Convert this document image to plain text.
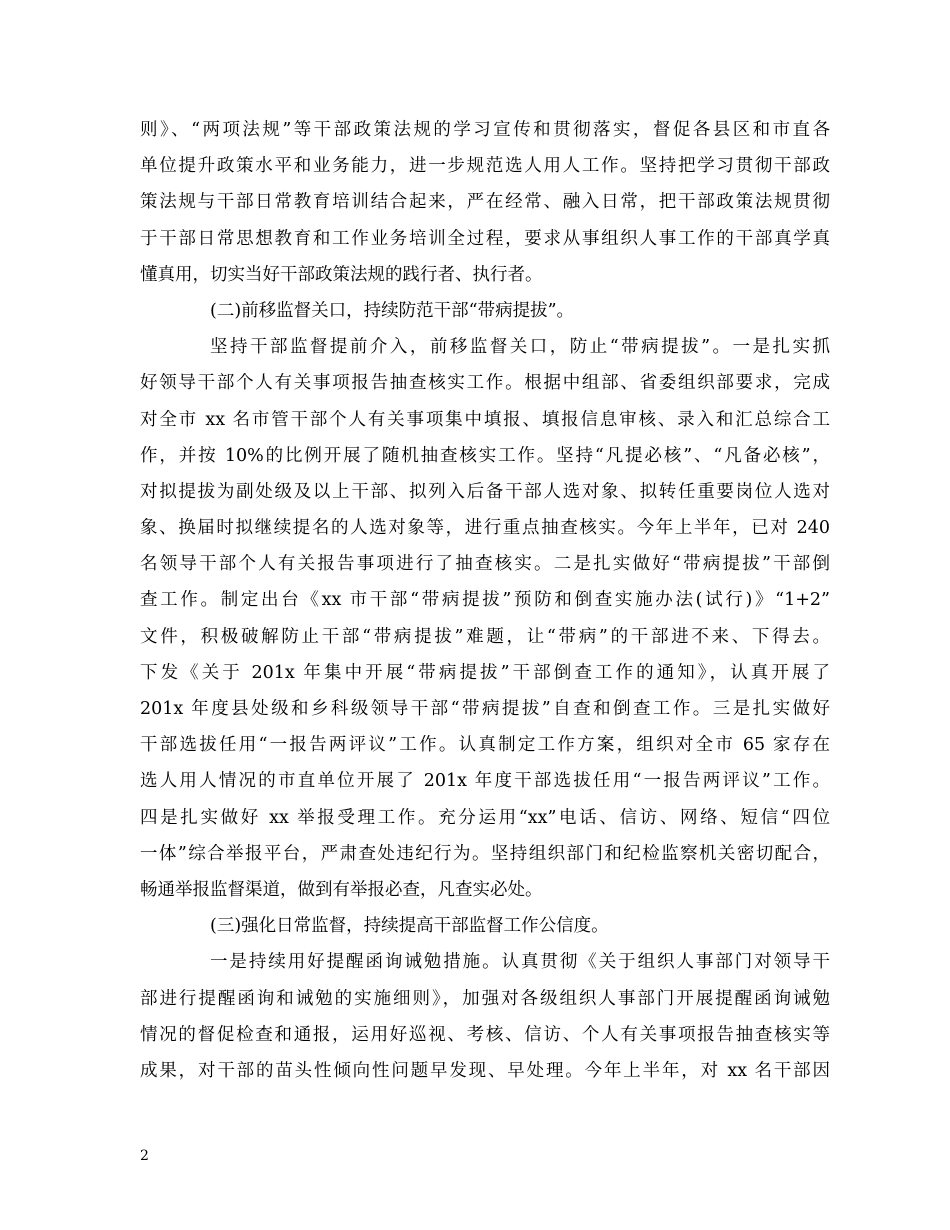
则》、“两项法规”等干部政策法规的学习宣传和贯彻落实，督促各县区和市直各
单位提升政策水平和业务能力，进一步规范选人用人工作。坚持把学习贯彻干部政
策法规与干部日常教育培训结合起来，严在经常、融入日常，把干部政策法规贯彻
于干部日常思想教育和工作业务培训全过程，要求从事组织人事工作的干部真学真
懂真用，切实当好干部政策法规的践行者、执行者。
(二)前移监督关口，持续防范干部“带病提拔”。
坚持干部监督提前介入，前移监督关口，防止“带病提拔”。一是扎实抓
好领导干部个人有关事项报告抽查核实工作。根据中组部、省委组织部要求，完成
对全市 xx 名市管干部个人有关事项集中填报、填报信息审核、录入和汇总综合工
作，并按 10%的比例开展了随机抽查核实工作。坚持“凡提必核”、“凡备必核”，
对拟提拔为副处级及以上干部、拟列入后备干部人选对象、拟转任重要岗位人选对
象、换届时拟继续提名的人选对象等，进行重点抽查核实。今年上半年，已对 240
名领导干部个人有关报告事项进行了抽查核实。二是扎实做好“带病提拔”干部倒
查工作。制定出台《xx 市干部“带病提拔”预防和倒查实施办法(试行)》“1+2”
文件，积极破解防止干部“带病提拔”难题，让“带病”的干部进不来、下得去。
下发《关于 201x 年集中开展“带病提拔”干部倒查工作的通知》，认真开展了
201x 年度县处级和乡科级领导干部“带病提拔”自查和倒查工作。三是扎实做好
干部选拔任用“一报告两评议”工作。认真制定工作方案，组织对全市 65 家存在
选人用人情况的市直单位开展了 201x 年度干部选拔任用“一报告两评议”工作。
四是扎实做好 xx 举报受理工作。充分运用“xx”电话、信访、网络、短信“四位
一体”综合举报平台，严肃查处违纪行为。坚持组织部门和纪检监察机关密切配合，
畅通举报监督渠道，做到有举报必查，凡查实必处。
(三)强化日常监督，持续提高干部监督工作公信度。
一是持续用好提醒函询诫勉措施。认真贯彻《关于组织人事部门对领导干
部进行提醒函询和诫勉的实施细则》，加强对各级组织人事部门开展提醒函询诫勉
情况的督促检查和通报，运用好巡视、考核、信访、个人有关事项报告抽查核实等
成果，对干部的苗头性倾向性问题早发现、早处理。今年上半年，对 xx 名干部因
2
